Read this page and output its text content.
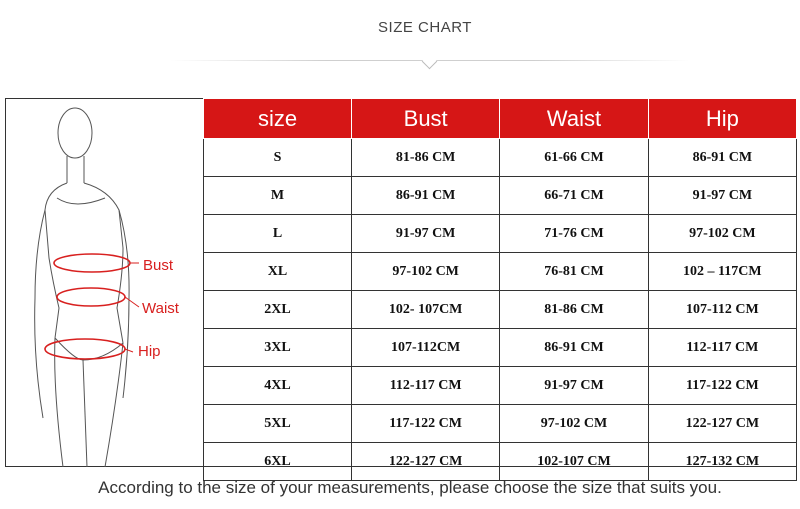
SIZE CHART
Bust
Waist
Hip
size	Bust	Waist	Hip
S	81-86 CM	61-66 CM	86-91 CM
M	86-91 CM	66-71 CM	91-97 CM
L	91-97 CM	71-76 CM	97-102 CM
XL	97-102 CM	76-81 CM	102 – 117CM
2XL	102- 107CM	81-86 CM	107-112 CM
3XL	107-112CM	86-91 CM	112-117 CM
4XL	112-117 CM	91-97 CM	117-122 CM
5XL	117-122 CM	97-102 CM	122-127 CM
6XL	122-127 CM	102-107 CM	127-132 CM
According to the size of your measurements, please choose the size that suits you.
